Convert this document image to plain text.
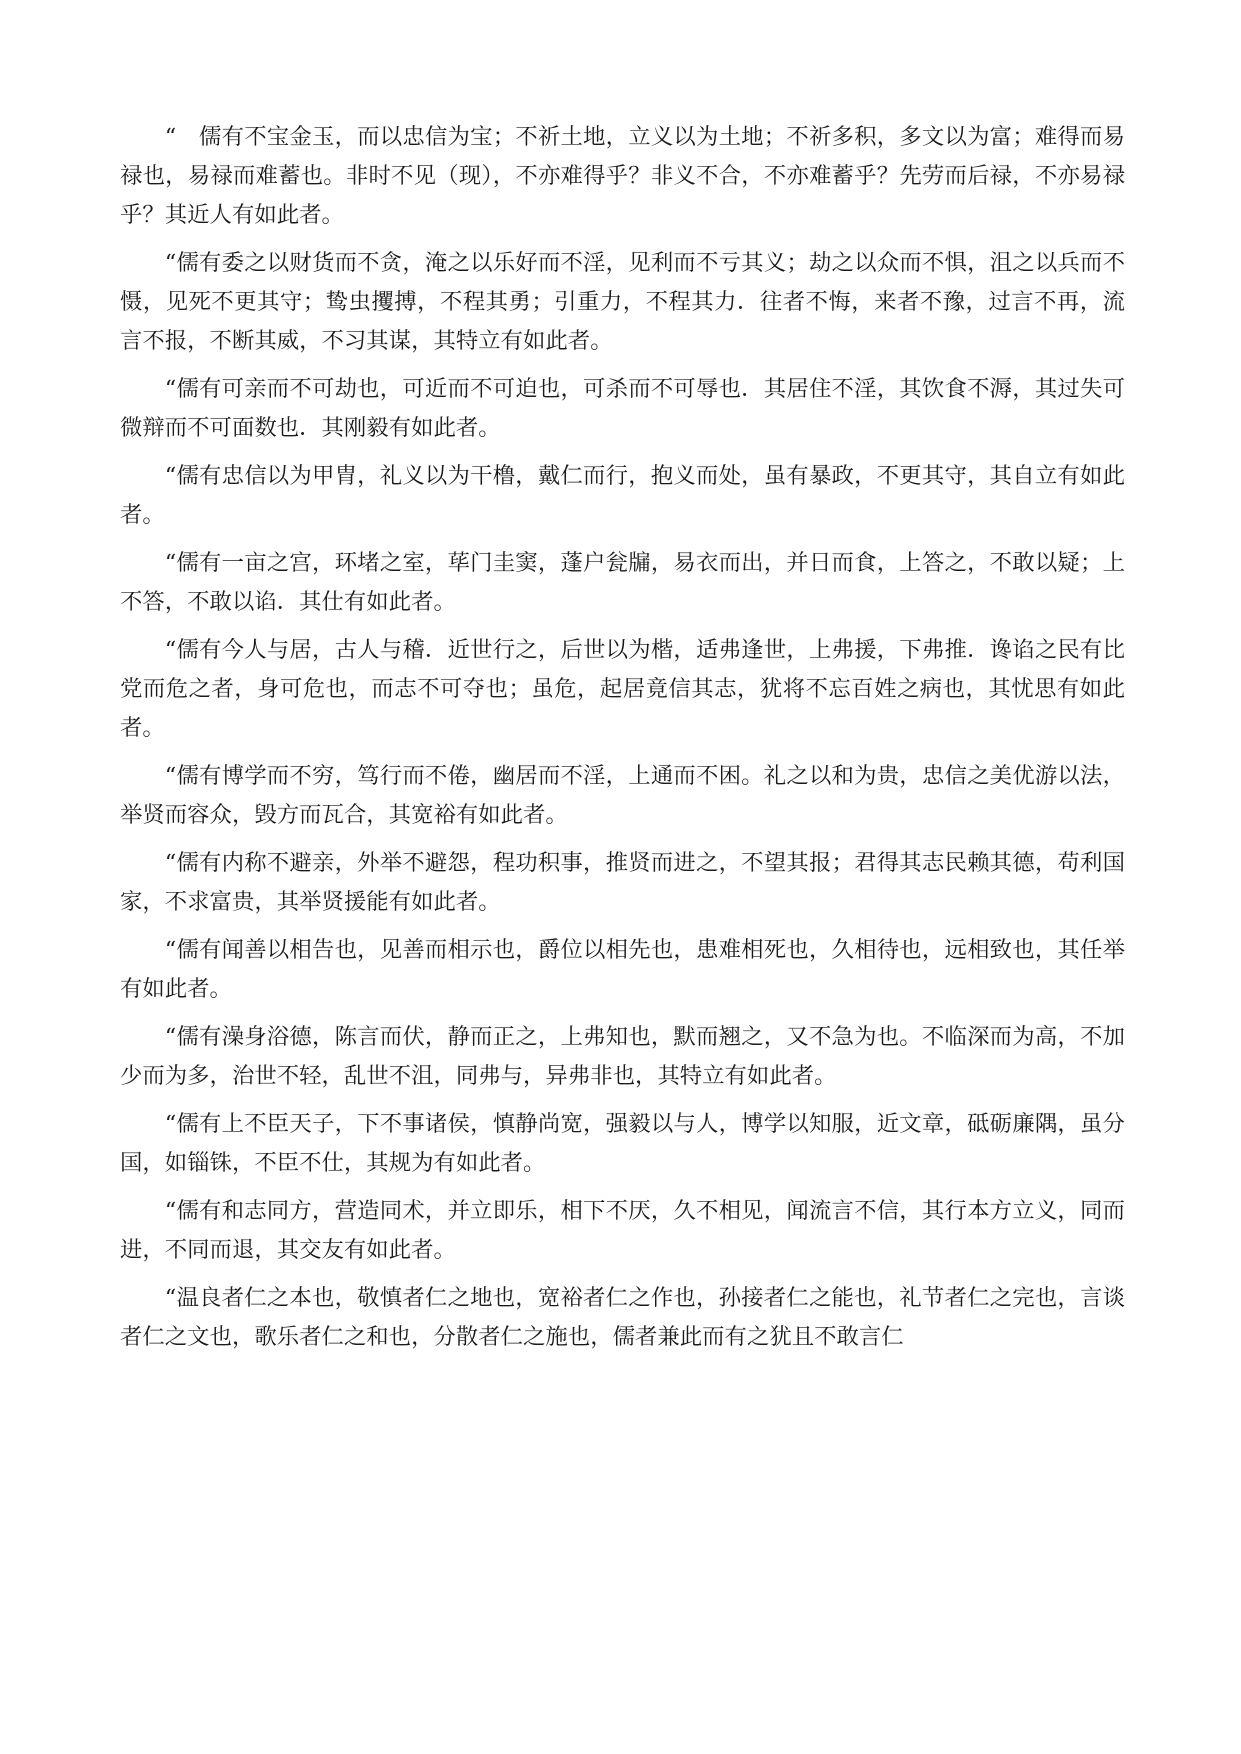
“　儒有不宝金玉，而以忠信为宝；不祈土地，立义以为土地；不祈多积，多文以为富；难得而易禄也，易禄而难蓄也。非时不见（现），不亦难得乎？非义不合，不亦难蓄乎？先劳而后禄，不亦易禄乎？其近人有如此者。

“儒有委之以财货而不贪，淹之以乐好而不淫，见利而不亏其义；劫之以众而不惧，沮之以兵而不慑，见死不更其守；鸷虫攫搏，不程其勇；引重力，不程其力．往者不悔，来者不豫，过言不再，流言不报，不断其威，不习其谋，其特立有如此者。

“儒有可亲而不可劫也，可近而不可迫也，可杀而不可辱也．其居住不淫，其饮食不溽，其过失可微辩而不可面数也．其刚毅有如此者。

“儒有忠信以为甲胄，礼义以为干橹，戴仁而行，抱义而处，虽有暴政，不更其守，其自立有如此者。

“儒有一亩之宫，环堵之室，荜门圭窦，蓬户瓮牖，易衣而出，并日而食，上答之，不敢以疑；上不答，不敢以谄．其仕有如此者。

“儒有今人与居，古人与稽．近世行之，后世以为楷，适弗逢世，上弗援，下弗推．谗谄之民有比党而危之者，身可危也，而志不可夺也；虽危，起居竟信其志，犹将不忘百姓之病也，其忧思有如此者。

“儒有博学而不穷，笃行而不倦，幽居而不淫，上通而不困。礼之以和为贵，忠信之美优游以法，举贤而容众，毁方而瓦合，其宽裕有如此者。

“儒有内称不避亲，外举不避怨，程功积事，推贤而进之，不望其报；君得其志民赖其德，苟利国家，不求富贵，其举贤援能有如此者。

“儒有闻善以相告也，见善而相示也，爵位以相先也，患难相死也，久相待也，远相致也，其任举有如此者。

“儒有澡身浴德，陈言而伏，静而正之，上弗知也，默而翘之，又不急为也。不临深而为高，不加少而为多，治世不轻，乱世不沮，同弗与，异弗非也，其特立有如此者。

“儒有上不臣天子，下不事诸侯，慎静尚宽，强毅以与人，博学以知服，近文章，砥砺廉隅，虽分国，如锱铢，不臣不仕，其规为有如此者。

“儒有和志同方，营造同术，并立即乐，相下不厌，久不相见，闻流言不信，其行本方立义，同而进，不同而退，其交友有如此者。

“温良者仁之本也，敬慎者仁之地也，宽裕者仁之作也，孙接者仁之能也，礼节者仁之完也，言谈者仁之文也，歌乐者仁之和也，分散者仁之施也，儒者兼此而有之犹且不敢言仁
